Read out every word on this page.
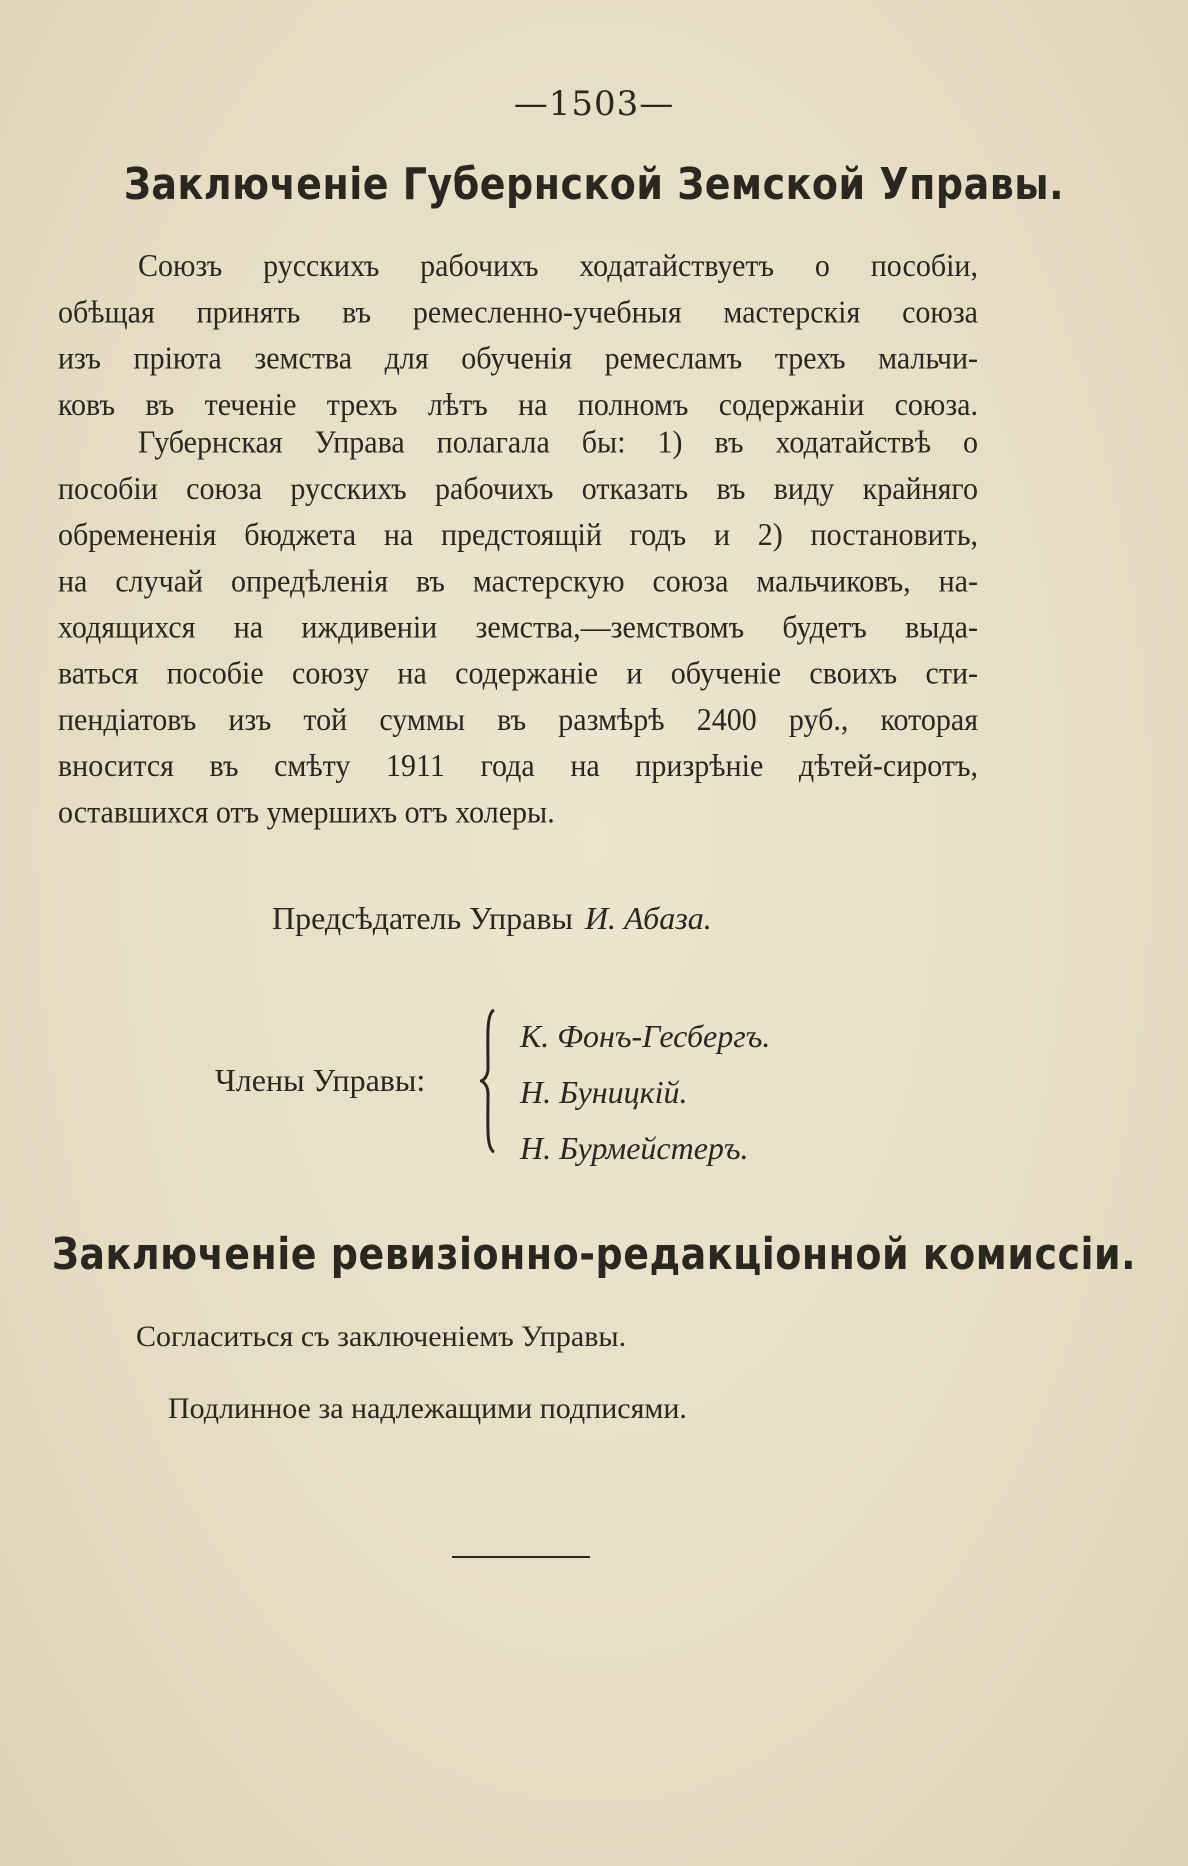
—1503—
Заключеніе Губернской Земской Управы.
Союзъ русскихъ рабочихъ ходатайствуетъ о пособіи,
обѣщая принять въ ремесленно-учебныя мастерскія союза
изъ пріюта земства для обученія ремесламъ трехъ мальчи-
ковъ въ теченіе трехъ лѣтъ на полномъ содержаніи союза.
Губернская Управа полагала бы: 1) въ ходатайствѣ о
пособіи союза русскихъ рабочихъ отказать въ виду крайняго
обремененія бюджета на предстоящій годъ и 2) постановить,
на случай опредѣленія въ мастерскую союза мальчиковъ, на-
ходящихся на иждивеніи земства,—земствомъ будетъ выда-
ваться пособіе союзу на содержаніе и обученіе своихъ сти-
пендіатовъ изъ той суммы въ размѣрѣ 2400 руб., которая
вносится въ смѣту 1911 года на призрѣніе дѣтей-сиротъ,
оставшихся отъ умершихъ отъ холеры.
Предсѣдатель Управы И. Абаза.
Члены Управы:
К. Фонъ-Гесбергъ.
Н. Буницкій.
Н. Бурмейстеръ.
Заключеніе ревизіонно-редакціонной комиссіи.
Согласиться съ заключеніемъ Управы.
Подлинное за надлежащими подписями.
